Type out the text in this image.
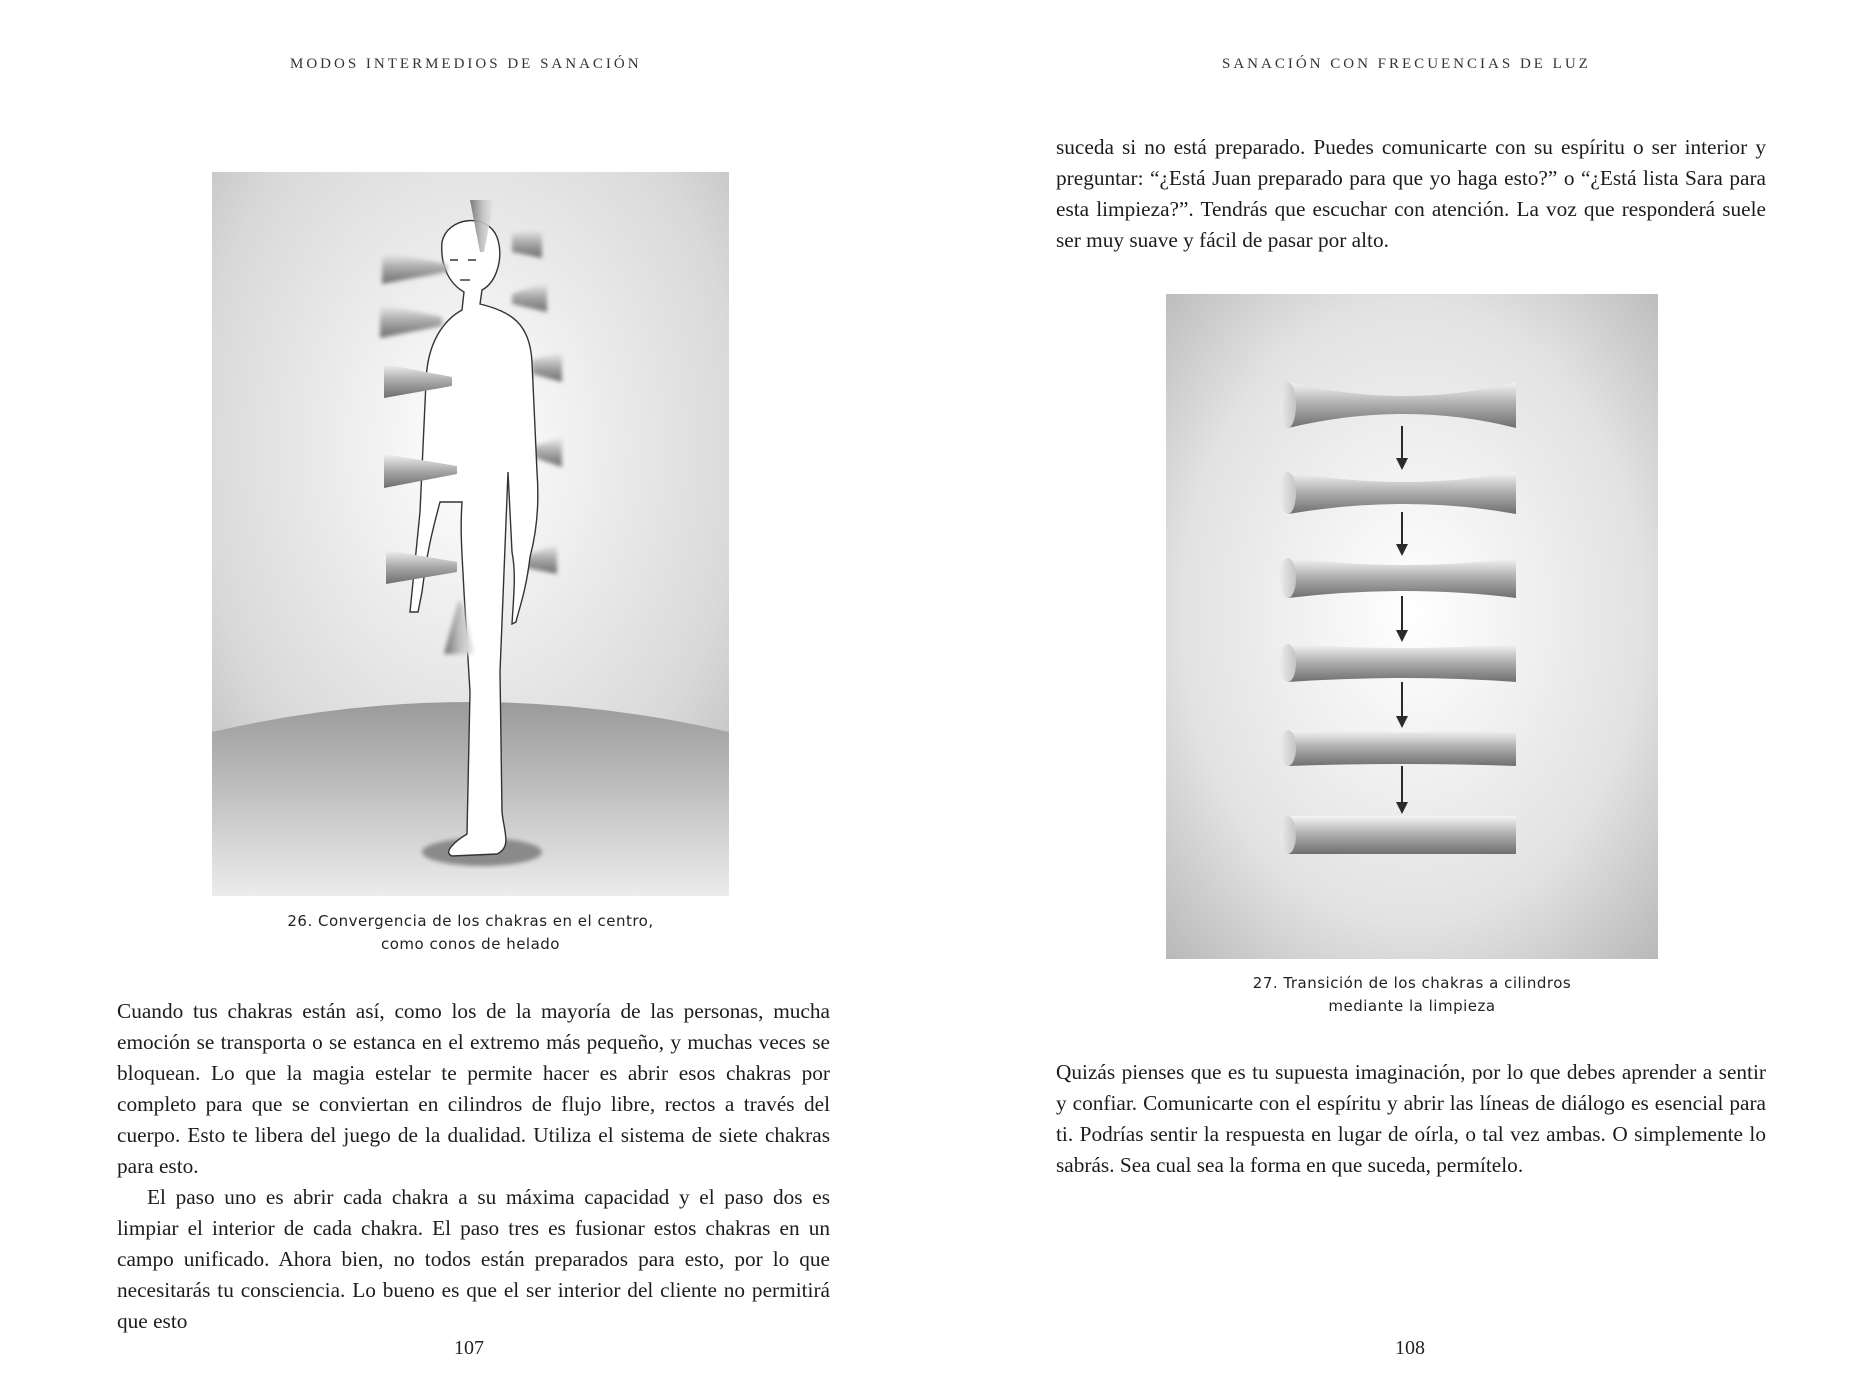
MODOS INTERMEDIOS DE SANACIÓN
26. Convergencia de los chakras en el centro,
como conos de helado

Cuando tus chakras están así, como los de la mayoría de las personas, mucha emoción se transporta o se estanca en el extremo más pequeño, y muchas veces se bloquean. Lo que la magia estelar te permite hacer es abrir esos chakras por completo para que se conviertan en cilindros de flujo libre, rectos a través del cuerpo. Esto te libera del juego de la dualidad. Utiliza el sistema de siete chakras para esto.

El paso uno es abrir cada chakra a su máxima capacidad y el paso dos es limpiar el interior de cada chakra. El paso tres es fusionar estos chakras en un campo unificado. Ahora bien, no todos están preparados para esto, por lo que necesitarás tu consciencia. Lo bueno es que el ser interior del cliente no permitirá que esto

107
SANACIÓN CON FRECUENCIAS DE LUZ

suceda si no está preparado. Puedes comunicarte con su espíritu o ser interior y preguntar: “¿Está Juan preparado para que yo haga esto?” o “¿Está lista Sara para esta limpieza?”. Tendrás que escuchar con atención. La voz que responderá suele ser muy suave y fácil de pasar por alto.

27. Transición de los chakras a cilindros
mediante la limpieza

Quizás pienses que es tu supuesta imaginación, por lo que debes aprender a sentir y confiar. Comunicarte con el espíritu y abrir las líneas de diálogo es esencial para ti. Podrías sentir la respuesta en lugar de oírla, o tal vez ambas. O simplemente lo sabrás. Sea cual sea la forma en que suceda, permítelo.

108
